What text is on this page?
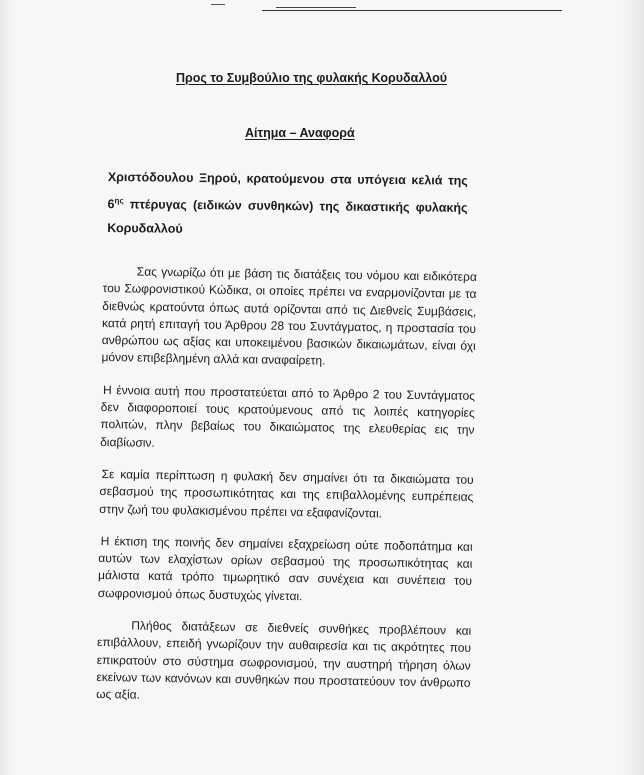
Προς το Συμβούλιο της φυλακής Κορυδαλλού
Αίτημα – Αναφορά
Χριστόδουλου Ξηρού, κρατούμενου στα υπόγεια κελιά της $6^{\eta\varsigma}$ πτέρυγας (ειδικών συνθηκών) της δικαστικής φυλακής Κορυδαλλού

Σας γνωρίζω ότι με βάση τις διατάξεις του νόμου και ειδικότερα του Σωφρονιστικού Κώδικα, οι οποίες πρέπει να εναρμονίζονται με τα διεθνώς κρατούντα όπως αυτά ορίζονται από τις Διεθνείς Συμβάσεις, κατά ρητή επιταγή του Άρθρου 28 του Συντάγματος, η προστασία του ανθρώπου ως αξίας και υποκειμένου βασικών δικαιωμάτων, είναι όχι μόνον επιβεβλημένη αλλά και αναφαίρετη.

Η έννοια αυτή που προστατεύεται από το Άρθρο 2 του Συντάγματος δεν διαφοροποιεί τους κρατούμενους από τις λοιπές κατηγορίες πολιτών, πλην βεβαίως του δικαιώματος της ελευθερίας εις την διαβίωσιν.

Σε καμία περίπτωση η φυλακή δεν σημαίνει ότι τα δικαιώματα του σεβασμού της προσωπικότητας και της επιβαλλομένης ευπρέπειας στην ζωή του φυλακισμένου πρέπει να εξαφανίζονται.

Η έκτιση της ποινής δεν σημαίνει εξαχρείωση ούτε ποδοπάτημα και αυτών των ελαχίστων ορίων σεβασμού της προσωπικότητας και μάλιστα κατά τρόπο τιμωρητικό σαν συνέχεια και συνέπεια του σωφρονισμού όπως δυστυχώς γίνεται.

Πλήθος διατάξεων σε διεθνείς συνθήκες προβλέπουν και επιβάλλουν, επειδή γνωρίζουν την αυθαιρεσία και τις ακρότητες που επικρατούν στο σύστημα σωφρονισμού, την αυστηρή τήρηση όλων εκείνων των κανόνων και συνθηκών που προστατεύουν τον άνθρωπο ως αξία.
